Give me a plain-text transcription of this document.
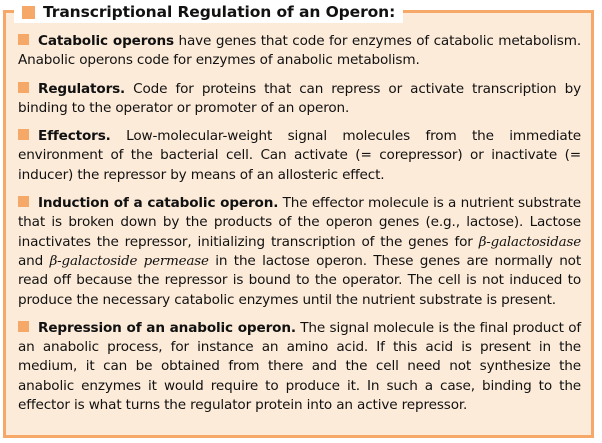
Transcriptional Regulation of an Operon:

Catabolic operons have genes that code for enzymes of catabolic metabolism. Anabolic operons code for enzymes of anabolic metabolism.

Regulators. Code for proteins that can repress or activate transcription by binding to the operator or promoter of an operon.

Effectors. Low-molecular-weight signal molecules from the immediate environment of the bacterial cell. Can activate (= corepressor) or inactivate (= inducer) the repressor by means of an allosteric effect.

Induction of a catabolic operon. The effector molecule is a nutrient substrate that is broken down by the products of the operon genes (e.g., lactose). Lactose inactivates the repressor, initializing transcription of the genes for β-galactosidase and β-galactoside permease in the lactose operon. These genes are normally not read off because the repressor is bound to the operator. The cell is not induced to produce the necessary catabolic enzymes until the nutrient substrate is present.

Repression of an anabolic operon. The signal molecule is the final product of an anabolic process, for instance an amino acid. If this acid is present in the medium, it can be obtained from there and the cell need not synthesize the anabolic enzymes it would require to produce it. In such a case, binding to the effector is what turns the regulator protein into an active repressor.
